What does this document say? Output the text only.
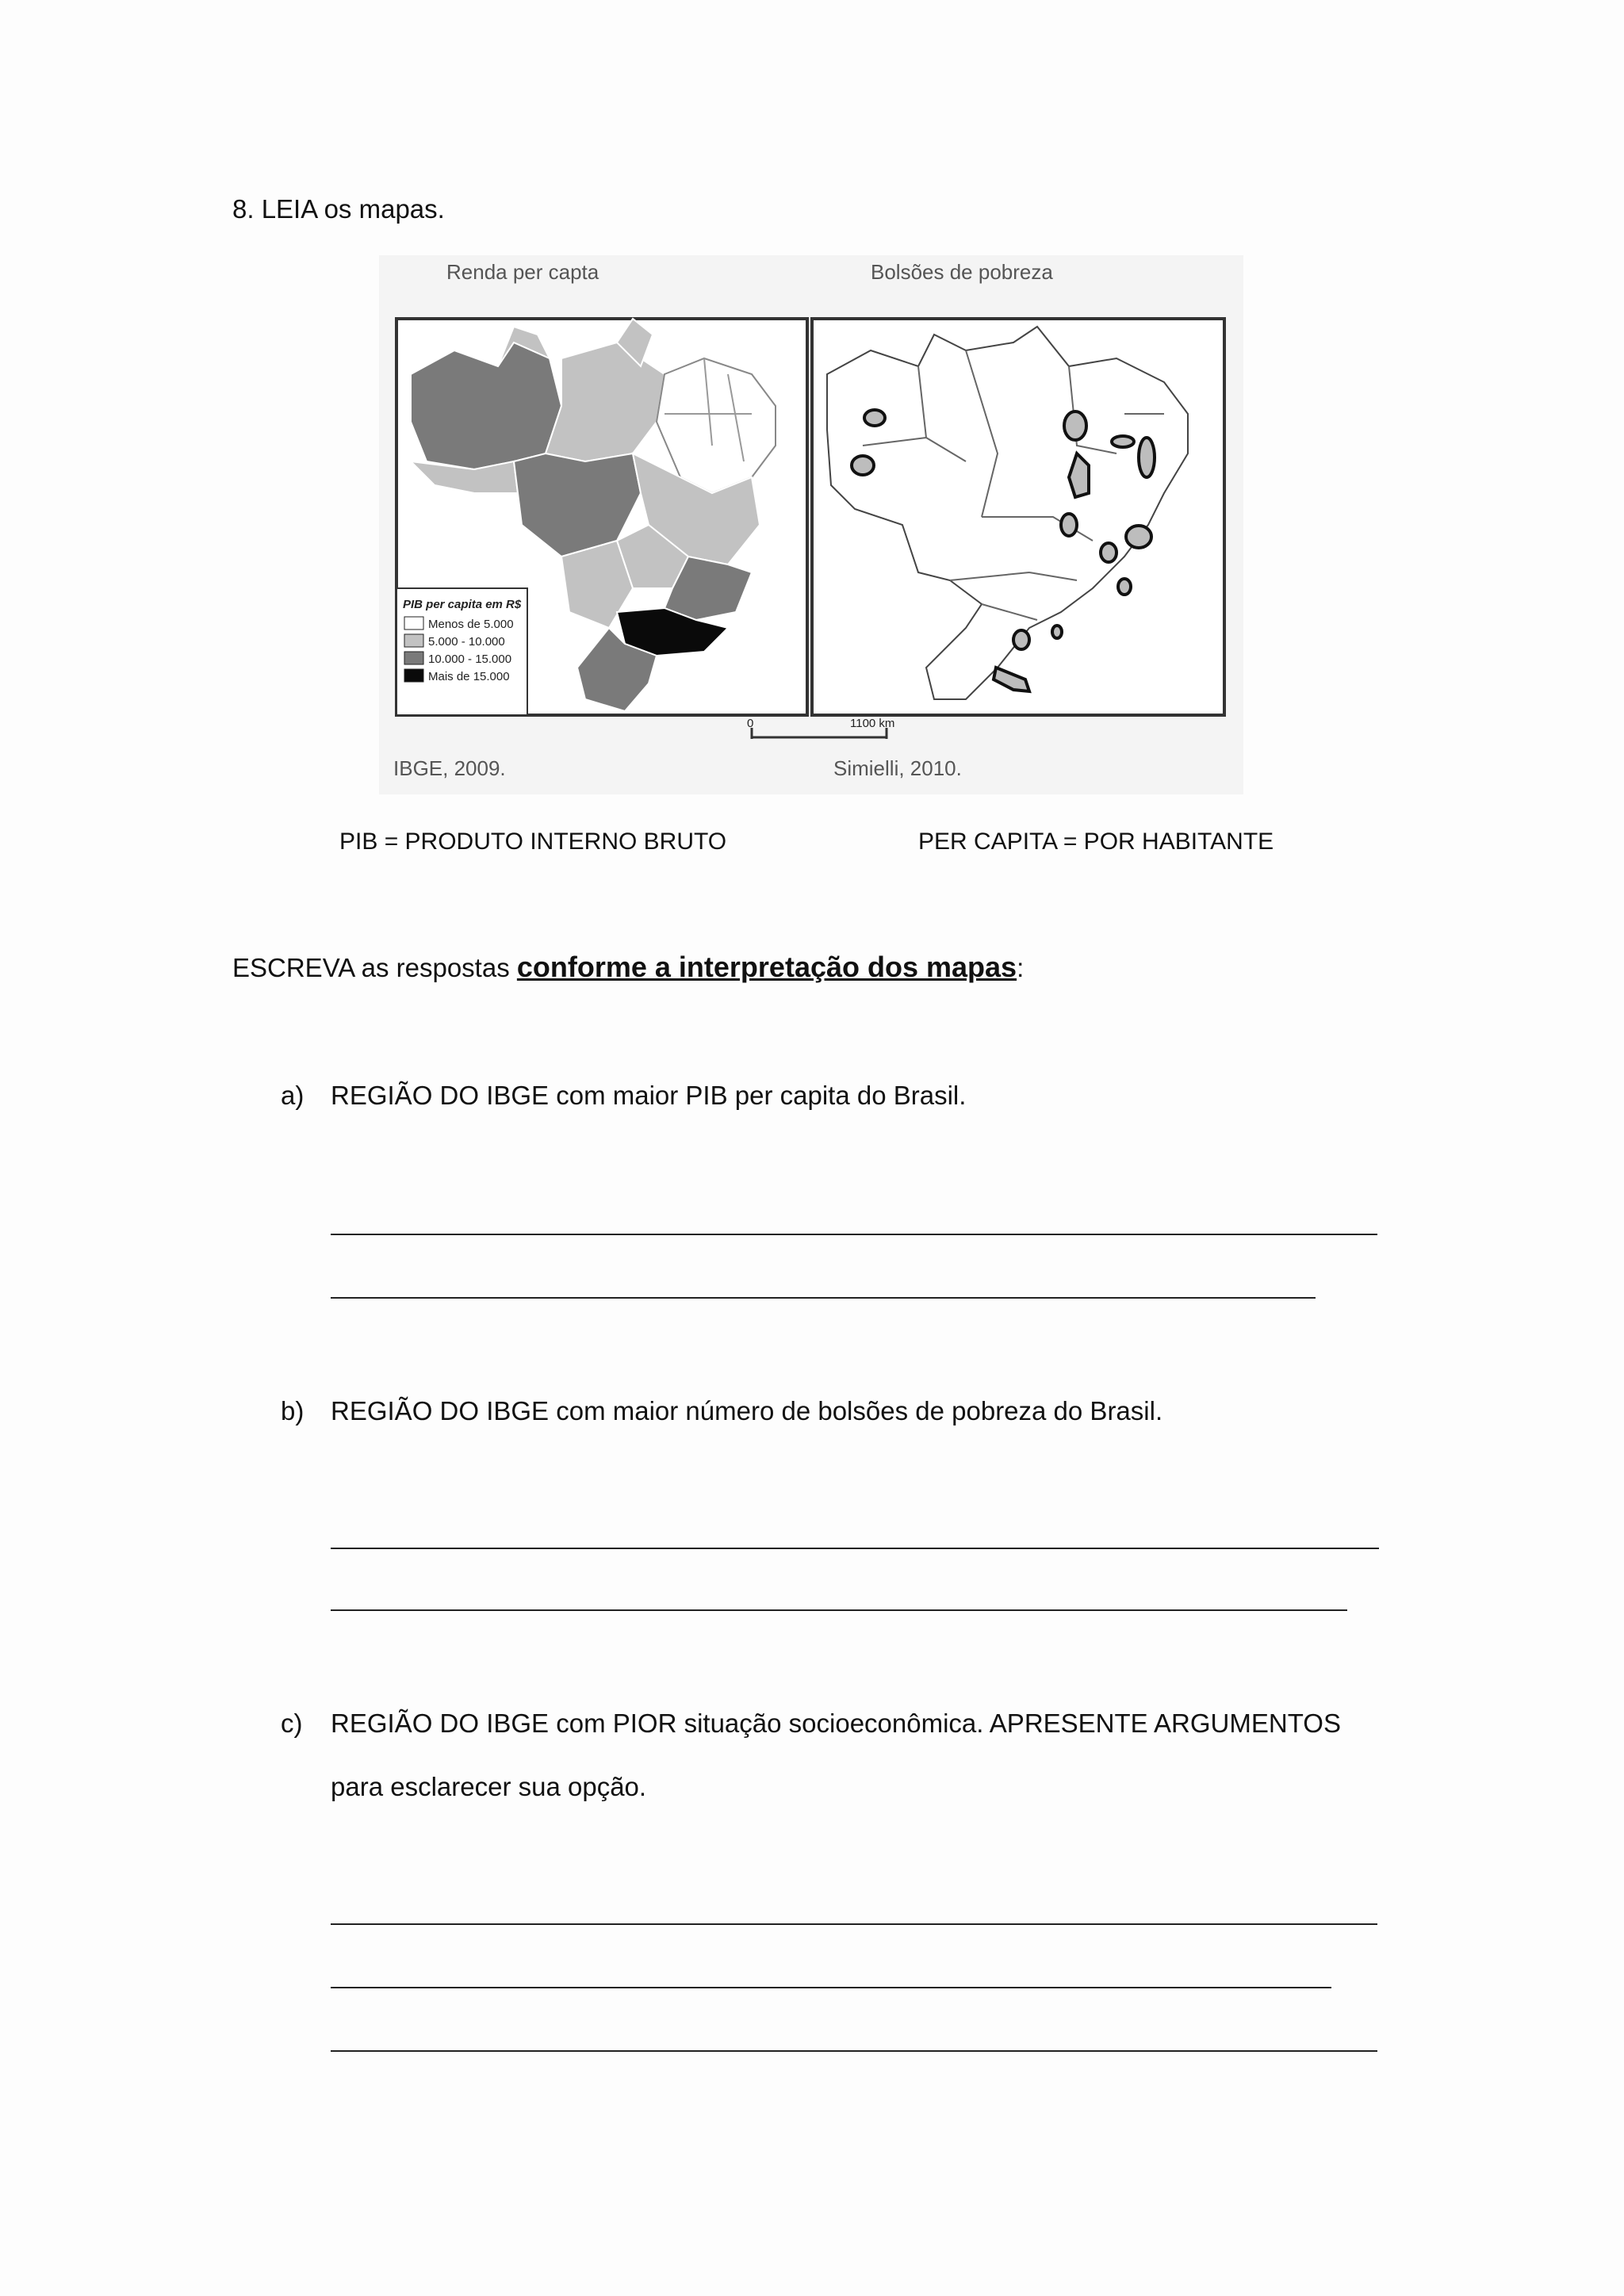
8. LEIA os mapas.
Renda per capta	Bolsões de pobreza
PIB per capita em R$
Menos de 5.000
5.000 - 10.000
10.000 - 15.000
Mais de 15.000
0	1100 km
IBGE, 2009.	Simielli, 2010.
PIB = PRODUTO INTERNO BRUTO	PER CAPITA = POR HABITANTE
ESCREVA as respostas conforme a interpretação dos mapas:
a) REGIÃO DO IBGE com maior PIB per capita do Brasil.
b) REGIÃO DO IBGE com maior número de bolsões de pobreza do Brasil.
c) REGIÃO DO IBGE com PIOR situação socioeconômica. APRESENTE ARGUMENTOS
para esclarecer sua opção.
